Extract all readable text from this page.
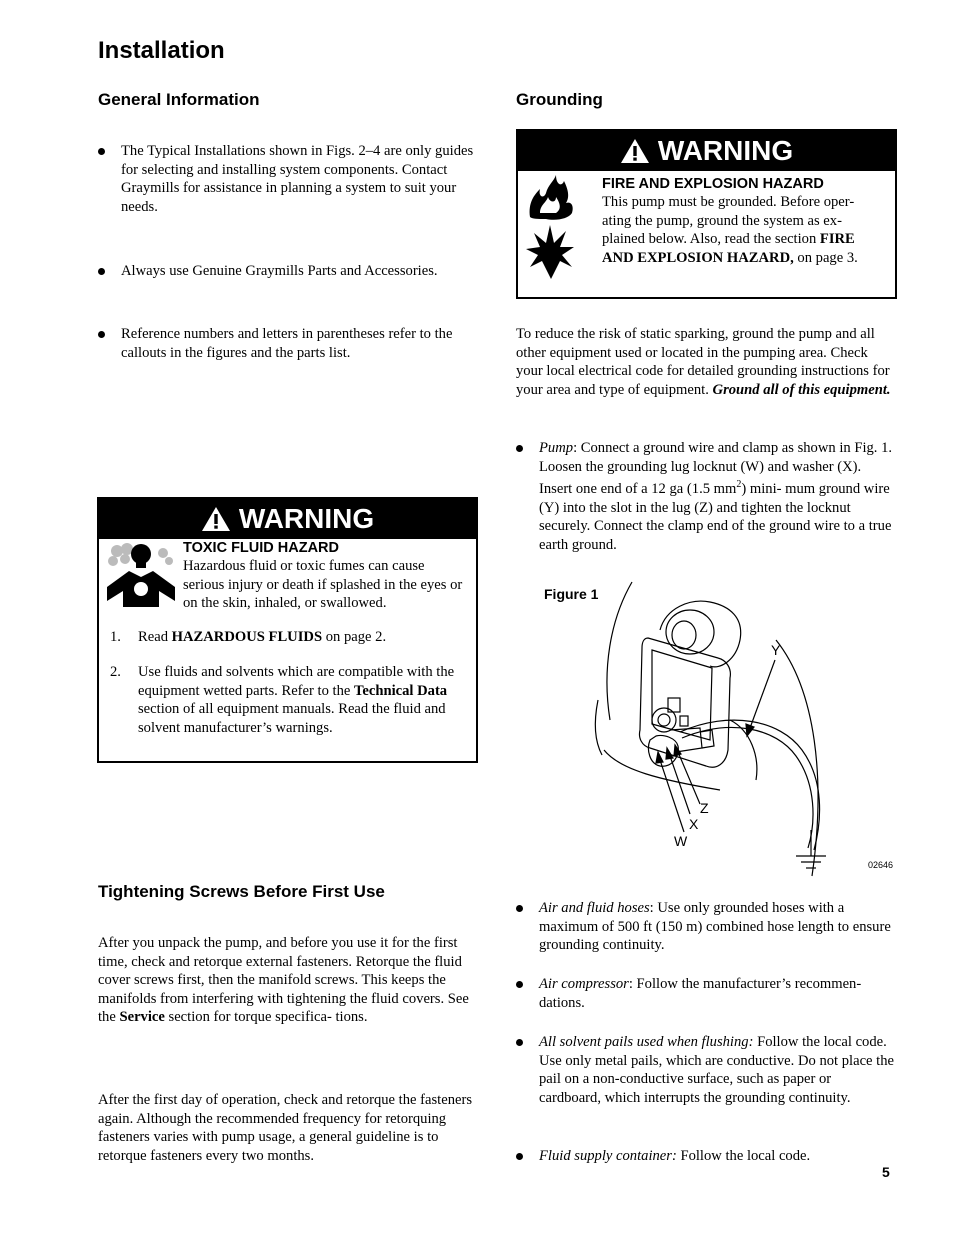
Installation
General Information
The Typical Installations shown in Figs. 2–4 are only guides for selecting and installing system components. Contact Graymills for assistance in planning a system to suit your needs.
Always use Genuine Graymills Parts and Accessories.
Reference numbers and letters in parentheses refer to the callouts in the figures and the parts list.
WARNING
TOXIC FLUID HAZARD
Hazardous fluid or toxic fumes can cause serious injury or death if splashed in the eyes or on the skin, inhaled, or swallowed.
1. Read HAZARDOUS FLUIDS on page 2.
2. Use fluids and solvents which are compatible with the equipment wetted parts. Refer to the Technical Data section of all equipment manuals. Read the fluid and solvent manufacturer’s warnings.
Tightening Screws Before First Use
After you unpack the pump, and before you use it for the first time, check and retorque external fasteners. Retorque the fluid cover screws first, then the manifold screws. This keeps the manifolds from interfering with tightening the fluid covers. See the Service section for torque specifica- tions.
After the first day of operation, check and retorque the fasteners again. Although the recommended frequency for retorquing fasteners varies with pump usage, a general guideline is to retorque fasteners every two months.
Grounding
WARNING
FIRE AND EXPLOSION HAZARD
This pump must be grounded. Before oper- ating the pump, ground the system as ex- plained below. Also, read the section FIRE AND EXPLOSION HAZARD, on page 3.
To reduce the risk of static sparking, ground the pump and all other equipment used or located in the pumping area. Check your local electrical code for detailed grounding instructions for your area and type of equipment. Ground all of this equipment.
Pump: Connect a ground wire and clamp as shown in Fig. 1. Loosen the grounding lug locknut (W) and washer (X). Insert one end of a 12 ga (1.5 $mm^2$) mini- mum ground wire (Y) into the slot in the lug (Z) and tighten the locknut securely. Connect the clamp end of the ground wire to a true earth ground.
Figure 1
Y
Z
X
W
02646
Air and fluid hoses: Use only grounded hoses with a maximum of 500 ft (150 m) combined hose length to ensure grounding continuity.
Air compressor: Follow the manufacturer’s recommen- dations.
All solvent pails used when flushing: Follow the local code. Use only metal pails, which are conductive. Do not place the pail on a non-conductive surface, such as paper or cardboard, which interrupts the grounding continuity.
Fluid supply container: Follow the local code.
5
